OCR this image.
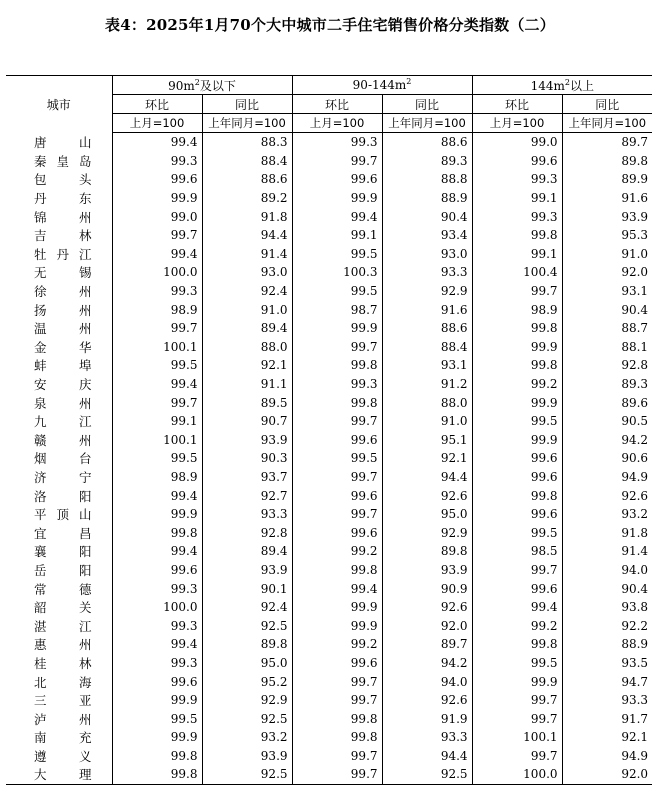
表4：2025年1月70个大中城市二手住宅销售价格分类指数（二）
城市	$90m^2$及以下		$90-144m^2$		$144m^2$以上	
	环比	同比	环比	同比	环比	同比
	上月=100	上年同月=100	上月=100	上年同月=100	上月=100	上年同月=100
唐山	99.4	88.3	99.3	88.6	99.0	89.7
秦皇岛	99.3	88.4	99.7	89.3	99.6	89.8
包头	99.6	88.6	99.6	88.8	99.3	89.9
丹东	99.9	89.2	99.9	88.9	99.1	91.6
锦州	99.0	91.8	99.4	90.4	99.3	93.9
吉林	99.7	94.4	99.1	93.4	99.8	95.3
牡丹江	99.4	91.4	99.5	93.0	99.1	91.0
无锡	100.0	93.0	100.3	93.3	100.4	92.0
徐州	99.3	92.4	99.5	92.9	99.7	93.1
扬州	98.9	91.0	98.7	91.6	98.9	90.4
温州	99.7	89.4	99.9	88.6	99.8	88.7
金华	100.1	88.0	99.7	88.4	99.9	88.1
蚌埠	99.5	92.1	99.8	93.1	99.8	92.8
安庆	99.4	91.1	99.3	91.2	99.2	89.3
泉州	99.7	89.5	99.8	88.0	99.9	89.6
九江	99.1	90.7	99.7	91.0	99.5	90.5
赣州	100.1	93.9	99.6	95.1	99.9	94.2
烟台	99.5	90.3	99.5	92.1	99.6	90.6
济宁	98.9	93.7	99.7	94.4	99.6	94.9
洛阳	99.4	92.7	99.6	92.6	99.8	92.6
平顶山	99.9	93.3	99.7	95.0	99.6	93.2
宜昌	99.8	92.8	99.6	92.9	99.5	91.8
襄阳	99.4	89.4	99.2	89.8	98.5	91.4
岳阳	99.6	93.9	99.8	93.9	99.7	94.0
常德	99.3	90.1	99.4	90.9	99.6	90.4
韶关	100.0	92.4	99.9	92.6	99.4	93.8
湛江	99.3	92.5	99.9	92.0	99.2	92.2
惠州	99.4	89.8	99.2	89.7	99.8	88.9
桂林	99.3	95.0	99.6	94.2	99.5	93.5
北海	99.6	95.2	99.7	94.0	99.9	94.7
三亚	99.9	92.9	99.7	92.6	99.7	93.3
泸州	99.5	92.5	99.8	91.9	99.7	91.7
南充	99.9	93.2	99.8	93.3	100.1	92.1
遵义	99.8	93.9	99.7	94.4	99.7	94.9
大理	99.8	92.5	99.7	92.5	100.0	92.0
